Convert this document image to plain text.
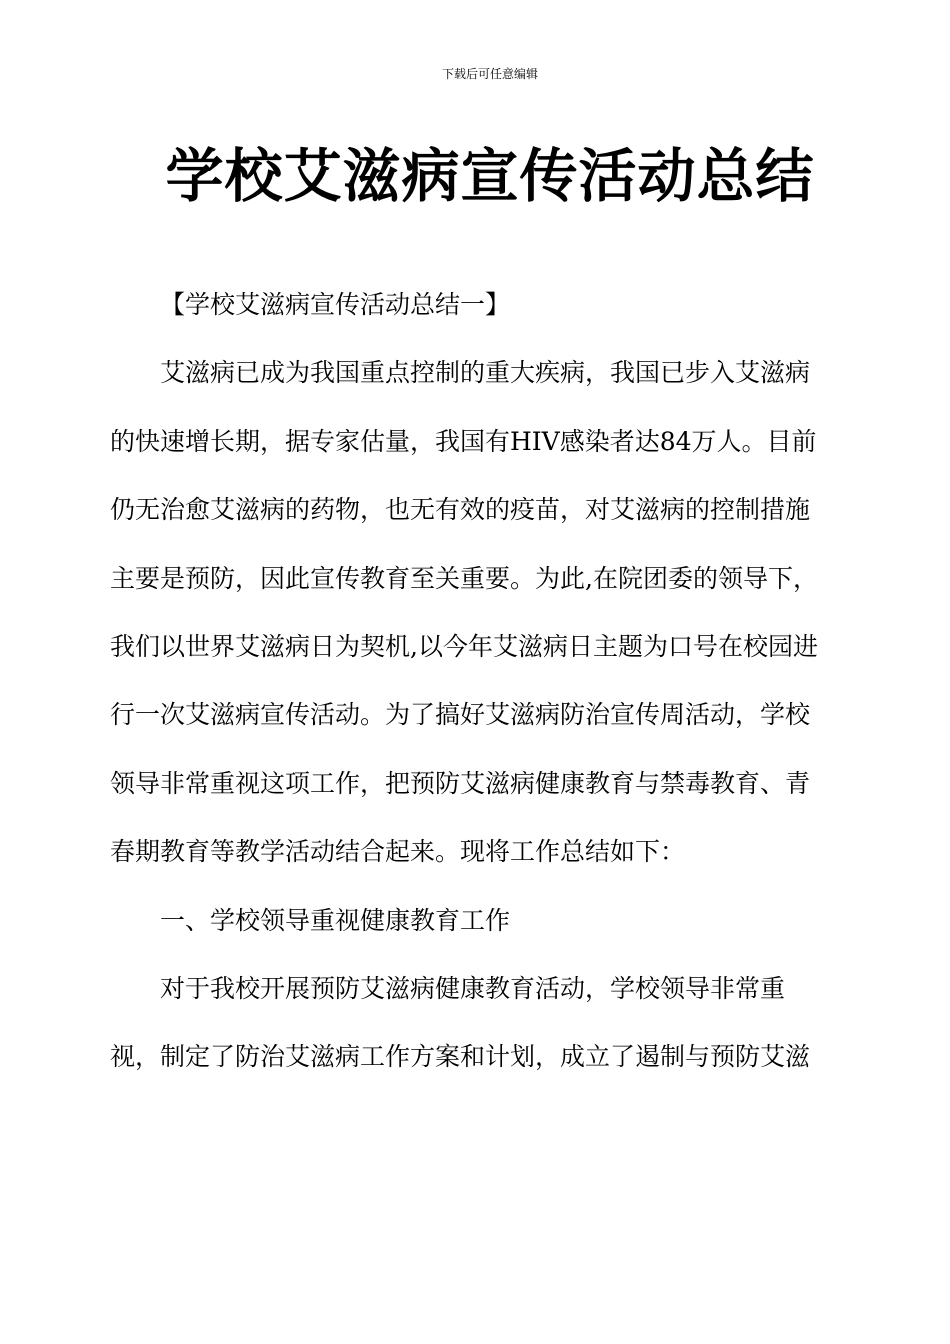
下载后可任意编辑
学校艾滋病宣传活动总结
【学校艾滋病宣传活动总结一】
艾滋病已成为我国重点控制的重大疾病，我国已步入艾滋病
的快速增长期，据专家估量，我国有HIV感染者达84万人。目前
仍无治愈艾滋病的药物，也无有效的疫苗，对艾滋病的控制措施
主要是预防，因此宣传教育至关重要。为此,在院团委的领导下，
我们以世界艾滋病日为契机,以今年艾滋病日主题为口号在校园进
行一次艾滋病宣传活动。为了搞好艾滋病防治宣传周活动，学校
领导非常重视这项工作，把预防艾滋病健康教育与禁毒教育、青
春期教育等教学活动结合起来。现将工作总结如下：
一、学校领导重视健康教育工作
对于我校开展预防艾滋病健康教育活动，学校领导非常重
视，制定了防治艾滋病工作方案和计划，成立了遏制与预防艾滋
